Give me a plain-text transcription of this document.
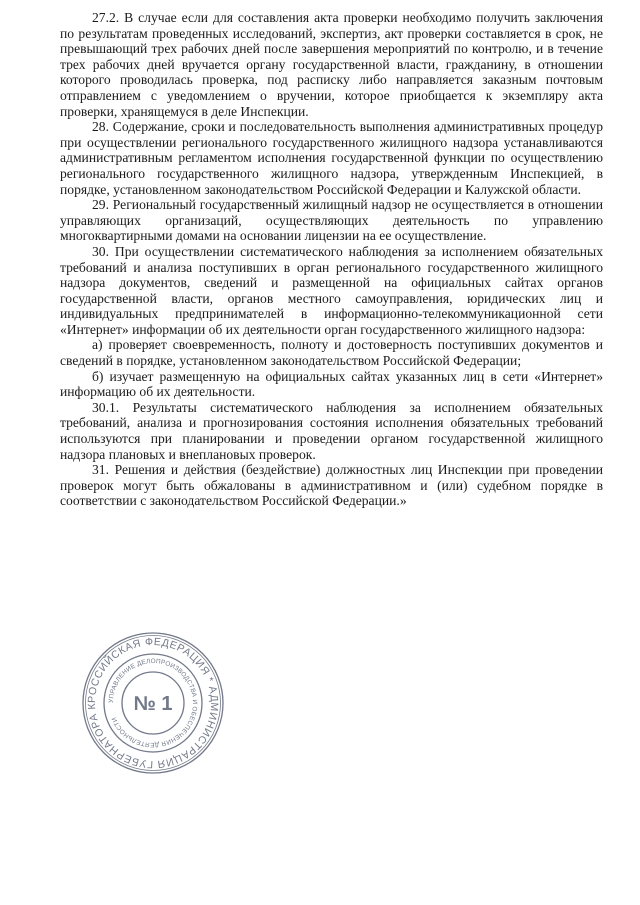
27.2. В случае если для составления акта проверки необходимо получить заключения по результатам проведенных исследований, экспертиз, акт проверки составляется в срок, не превышающий трех рабочих дней после завершения мероприятий по контролю, и в течение трех рабочих дней вручается органу государственной власти, гражданину, в отношении которого проводилась проверка, под расписку либо направляется заказным почтовым отправлением с уведомлением о вручении, которое приобщается к экземпляру акта проверки, хранящемуся в деле Инспекции.

28. Содержание, сроки и последовательность выполнения административных процедур при осуществлении регионального государственного жилищного надзора устанавливаются административным регламентом исполнения государственной функции по осуществлению регионального государственного жилищного надзора, утвержденным Инспекцией, в порядке, установленном законодательством Российской Федерации и Калужской области.

29. Региональный государственный жилищный надзор не осуществляется в отношении управляющих организаций, осуществляющих деятельность по управлению многоквартирными домами на основании лицензии на ее осуществление.

30. При осуществлении систематического наблюдения за исполнением обязательных требований и анализа поступивших в орган регионального государственного жилищного надзора документов, сведений и размещенной на официальных сайтах органов государственной власти, органов местного самоуправления, юридических лиц и индивидуальных предпринимателей в информационно-телекоммуникационной сети «Интернет» информации об их деятельности орган государственного жилищного надзора:

а) проверяет своевременность, полноту и достоверность поступивших документов и сведений в порядке, установленном законодательством Российской Федерации;

б) изучает размещенную на официальных сайтах указанных лиц в сети «Интернет» информацию об их деятельности.

30.1. Результаты систематического наблюдения за исполнением обязательных требований, анализа и прогнозирования состояния исполнения обязательных требований используются при планировании и проведении органом государственной жилищного надзора плановых и внеплановых проверок.

31. Решения и действия (бездействие) должностных лиц Инспекции при проведении проверок могут быть обжалованы в административном и (или) судебном порядке в соответствии с законодательством Российской Федерации.»

РОССИЙСКАЯ ФЕДЕРАЦИЯ * АДМИНИСТРАЦИЯ ГУБЕРНАТОРА К
УПРАВЛЕНИЕ ДЕЛОПРОИЗВОДСТВА И ОБЕСПЕЧЕНИЯ ДЕЯТЕЛЬНОСТИ
№ 1
